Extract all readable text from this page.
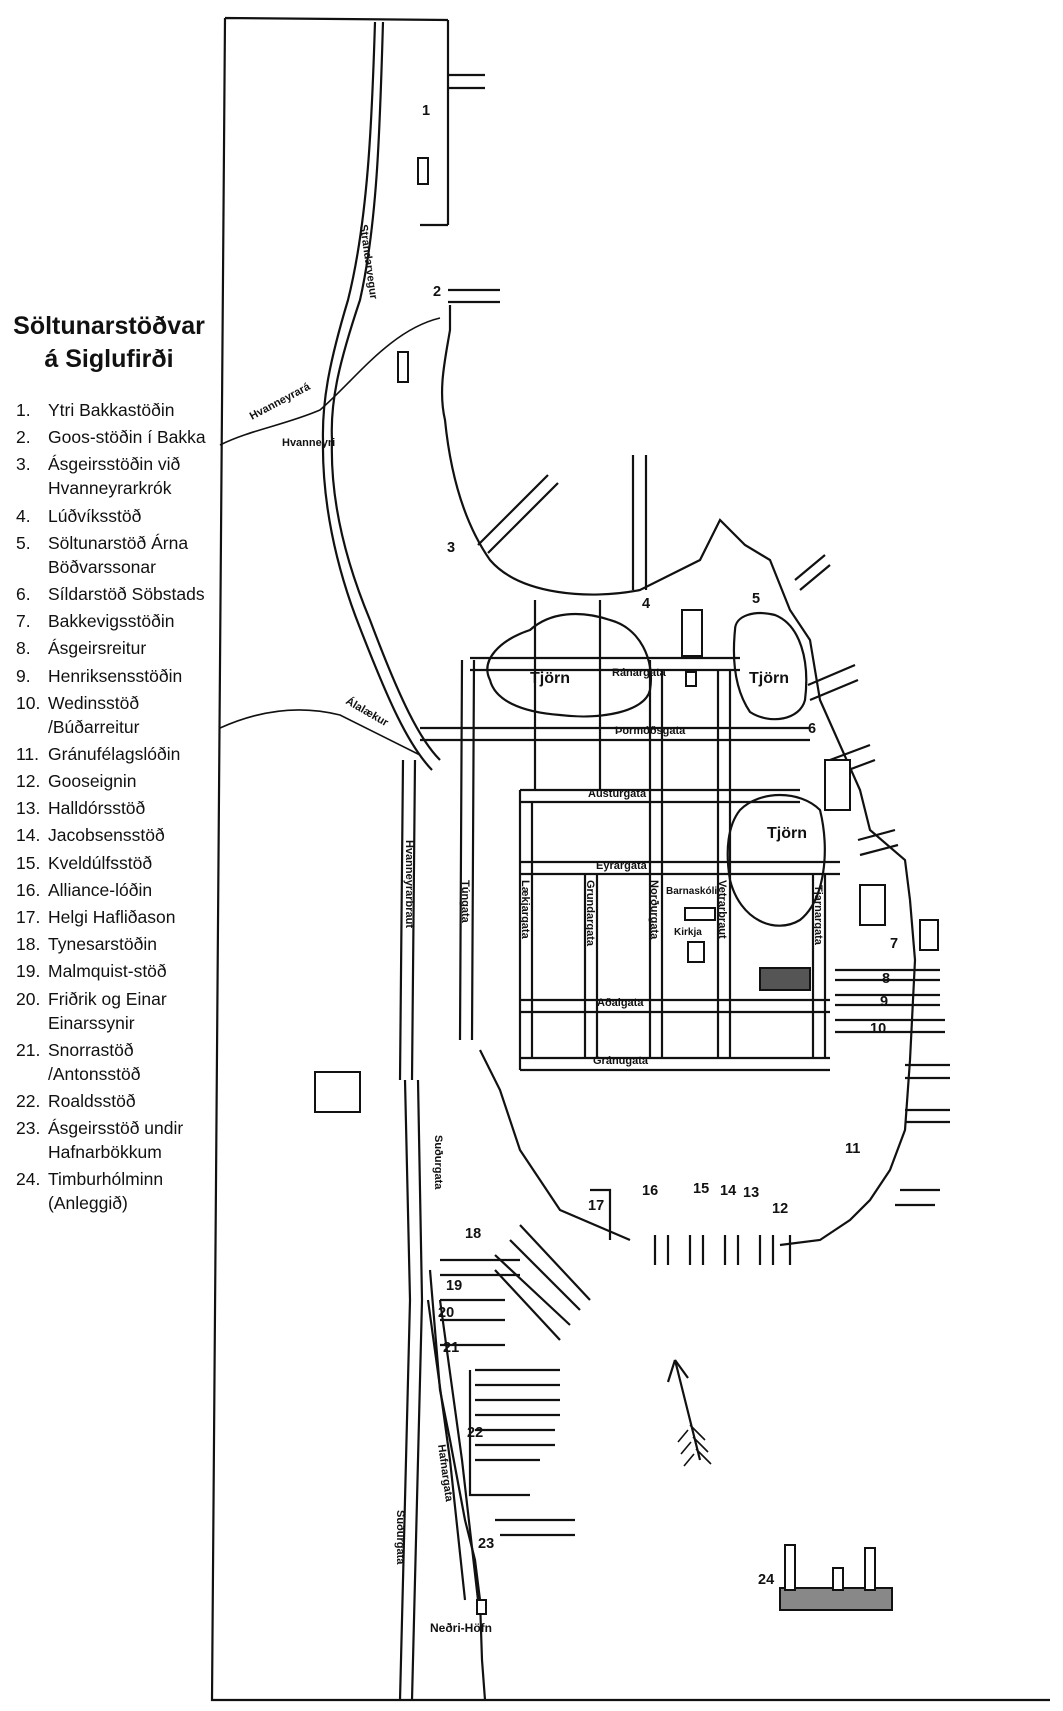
Strandarvegur
Hvanneyrará
Hvanneyri
Álalækur
Ránargata
Þormóðsgata
Austurgata
Eyrargata
Hvanneyrarbraut	Túngata	Lækjargata	Grundargata	Norðurgata	Vetrarbraut	Tjarnargata
Barnaskóli
Kirkja
Aðalgata
Gránugata
Suðurgata
Hafnargata
Suðurgata
Neðri-Höfn
Tjörn	Tjörn
Tjörn
1
2
3
4	5
6
7
8
9
10
11
12
13
14
15
16
17
18
19
20
21
22
23
24
Söltunarstöðvar
á Siglufirði
1. Ytri Bakkastöðin
2. Goos-stöðin í Bakka
3. Ásgeirsstöðin við Hvanneyrarkrók
4. Lúðvíksstöð
5. Söltunarstöð Árna Böðvarssonar
6. Síldarstöð Söbstads
7. Bakkevigsstöðin
8. Ásgeirsreitur
9. Henriksensstöðin
10. Wedinsstöð /Búðarreitur
11. Gránufélagslóðin
12. Gooseignin
13. Halldórsstöð
14. Jacobsensstöð
15. Kveldúlfsstöð
16. Alliance-lóðin
17. Helgi Hafliðason
18. Tynesarstöðin
19. Malmquist-stöð
20. Friðrik og Einar Einarssynir
21. Snorrastöð /Antonsstöð
22. Roaldsstöð
23. Ásgeirsstöð undir Hafnarbökkum
24. Timburhólminn (Anleggið)
